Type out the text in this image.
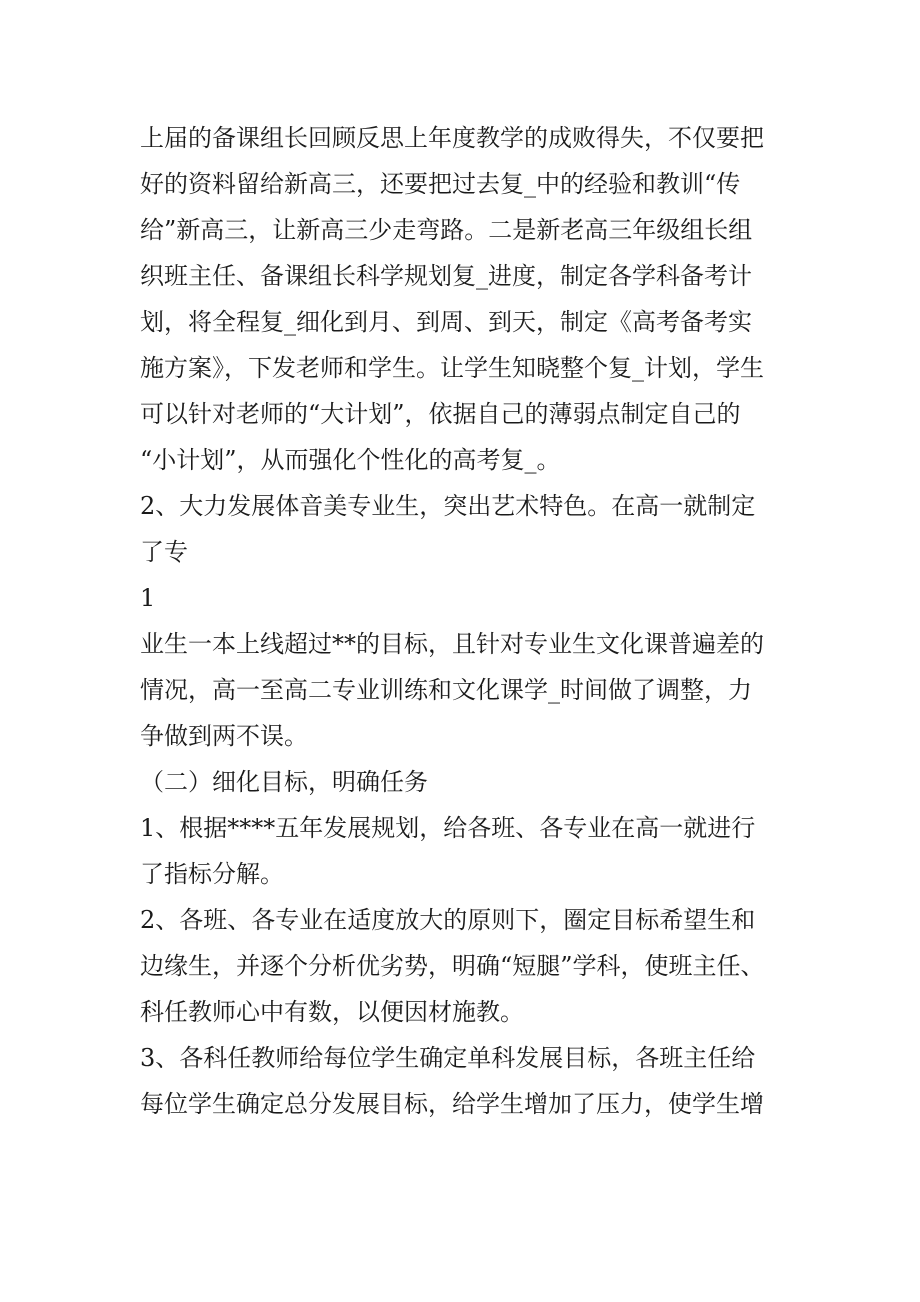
上届的备课组长回顾反思上年度教学的成败得失，不仅要把

好的资料留给新高三，还要把过去复_中的经验和教训“传

给”新高三，让新高三少走弯路。二是新老高三年级组长组

织班主任、备课组长科学规划复_进度，制定各学科备考计

划，将全程复_细化到月、到周、到天，制定《高考备考实

施方案》，下发老师和学生。让学生知晓整个复_计划，学生

可以针对老师的“大计划”，依据自己的薄弱点制定自己的

“小计划”，从而强化个性化的高考复_。

2、大力发展体音美专业生，突出艺术特色。在高一就制定

了专

1

业生一本上线超过**的目标，且针对专业生文化课普遍差的

情况，高一至高二专业训练和文化课学_时间做了调整，力

争做到两不误。

（二）细化目标，明确任务

1、根据****五年发展规划，给各班、各专业在高一就进行

了指标分解。

2、各班、各专业在适度放大的原则下，圈定目标希望生和

边缘生，并逐个分析优劣势，明确“短腿”学科，使班主任、

科任教师心中有数，以便因材施教。

3、各科任教师给每位学生确定单科发展目标，各班主任给

每位学生确定总分发展目标，给学生增加了压力，使学生增
